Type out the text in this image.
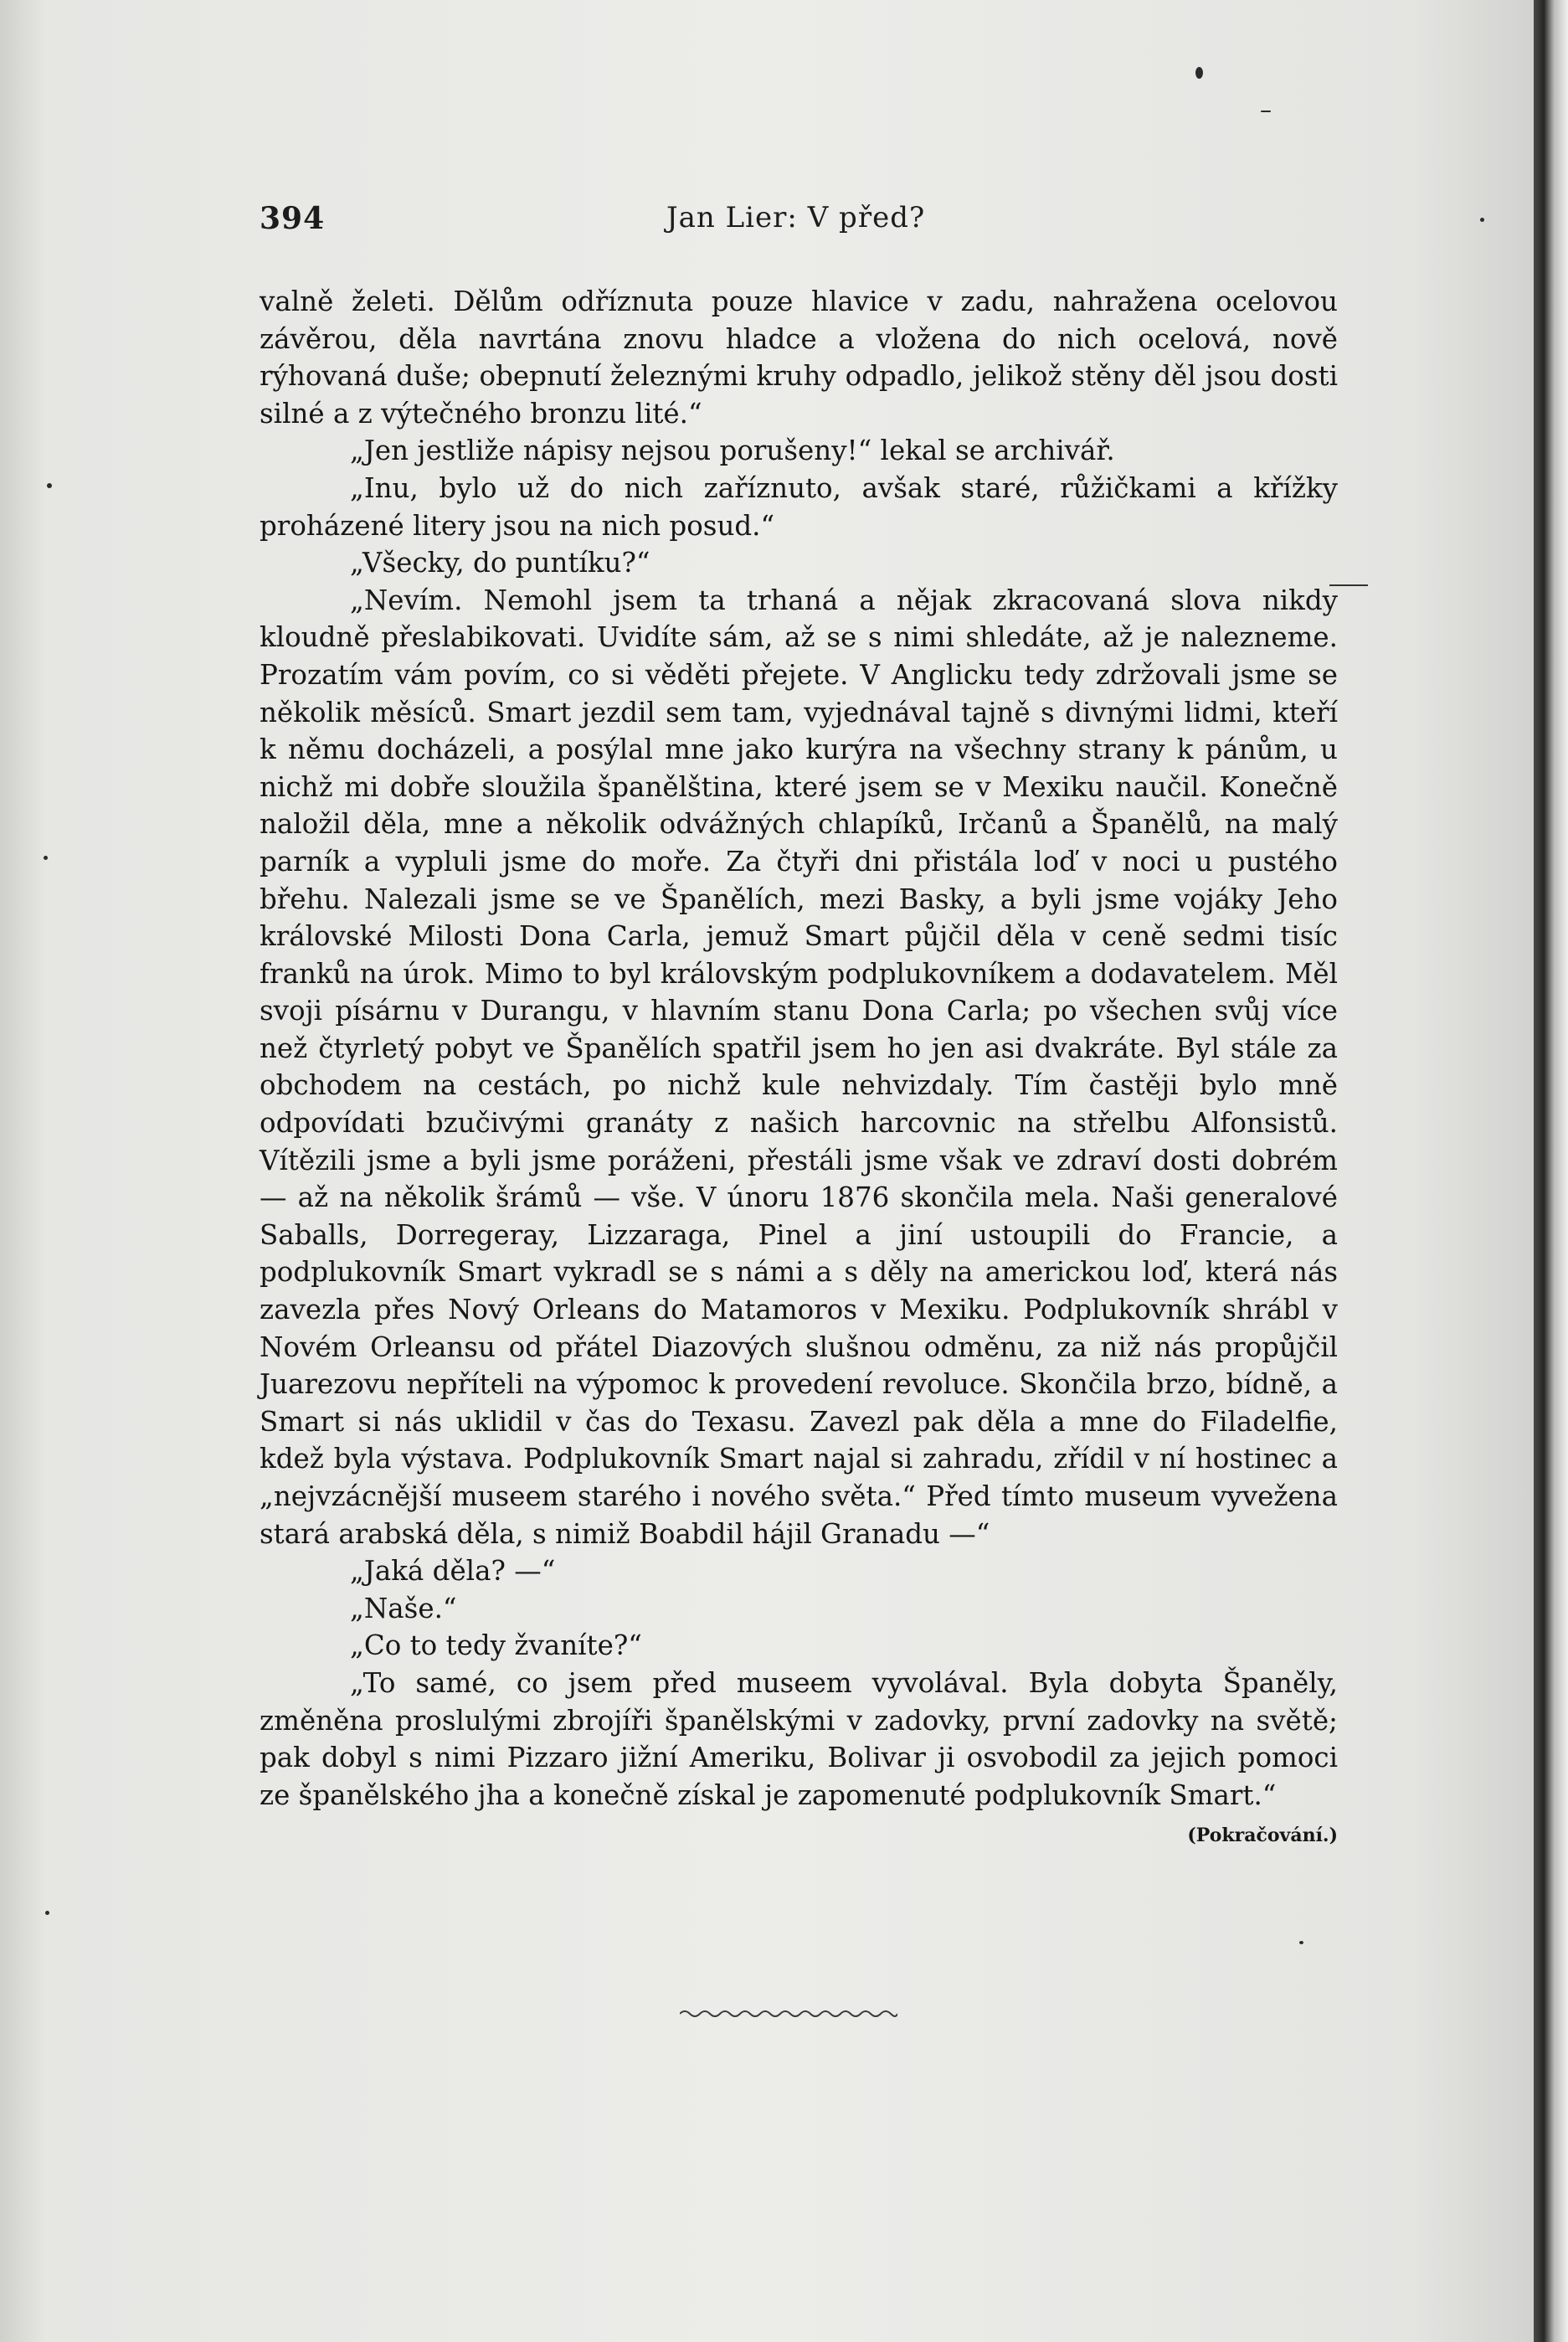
394	Jan Lier: V před?

valně želeti. Dělům odříznuta pouze hlavice v zadu, nahražena ocelovou závěrou, děla navrtána znovu hladce a vložena do nich ocelová, nově rýhovaná duše; obepnutí železnými kruhy odpadlo, jelikož stěny děl jsou dosti silné a z výtečného bronzu lité.“

„Jen jestliže nápisy nejsou porušeny!“ lekal se archivář.

„Inu, bylo už do nich zaříznuto, avšak staré, růžičkami a křížky proházené litery jsou na nich posud.“

„Všecky, do puntíku?“

„Nevím. Nemohl jsem ta trhaná a nějak zkracovaná slova nikdy kloudně přeslabikovati. Uvidíte sám, až se s nimi shledáte, až je nalezneme. Prozatím vám povím, co si věděti přejete. V Anglicku tedy zdržovali jsme se několik měsíců. Smart jezdil sem tam, vyjednával tajně s divnými lidmi, kteří k němu docházeli, a posýlal mne jako kurýra na všechny strany k pánům, u nichž mi dobře sloužila španělština, které jsem se v Mexiku naučil. Konečně naložil děla, mne a několik odvážných chlapíků, Irčanů a Španělů, na malý parník a vypluli jsme do moře. Za čtyři dni přistála loď v noci u pustého břehu. Nalezali jsme se ve Španělích, mezi Basky, a byli jsme vojáky Jeho královské Milosti Dona Carla, jemuž Smart půjčil děla v ceně sedmi tisíc franků na úrok. Mimo to byl královským podplukovníkem a dodavatelem. Měl svoji písárnu v Durangu, v hlavním stanu Dona Carla; po všechen svůj více než čtyrletý pobyt ve Španělích spatřil jsem ho jen asi dvakráte. Byl stále za obchodem na cestách, po nichž kule nehvizdaly. Tím častěji bylo mně odpovídati bzučivými granáty z našich harcovnic na střelbu Alfonsistů. Vítězili jsme a byli jsme poráženi, přestáli jsme však ve zdraví dosti dobrém — až na několik šrámů — vše. V únoru 1876 skončila mela. Naši generalové Saballs, Dorregeray, Lizzaraga, Pinel a jiní ustoupili do Francie, a podplukovník Smart vykradl se s námi a s děly na americkou loď, která nás zavezla přes Nový Orleans do Matamoros v Mexiku. Podplukovník shrábl v Novém Orleansu od přátel Diazových slušnou odměnu, za niž nás propůjčil Juarezovu nepříteli na výpomoc k provedení revoluce. Skončila brzo, bídně, a Smart si nás uklidil v čas do Texasu. Zavezl pak děla a mne do Filadelfie, kdež byla výstava. Podplukovník Smart najal si zahradu, zřídil v ní hostinec a „nejvzácnější museem starého i nového světa.“ Před tímto museum vyvežena stará arabská děla, s nimiž Boabdil hájil Granadu —“

„Jaká děla? —“

„Naše.“

„Co to tedy žvaníte?“

„To samé, co jsem před museem vyvolával. Byla dobyta Španěly, změněna proslulými zbrojíři španělskými v zadovky, první zadovky na světě; pak dobyl s nimi Pizzaro jižní Ameriku, Bolivar ji osvobodil za jejich pomoci ze španělského jha a konečně získal je zapomenuté podplukovník Smart.“
(Pokračování.)
